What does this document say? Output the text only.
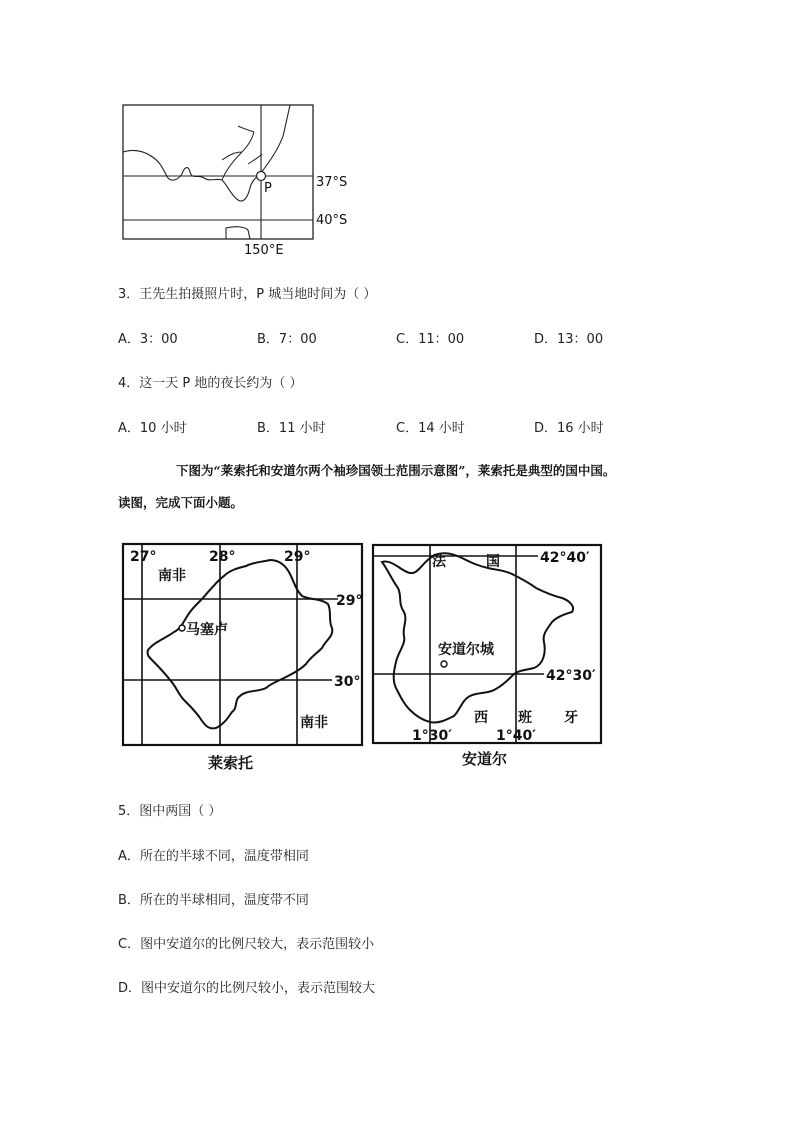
P	37°S
40°S
150°E
3．王先生拍摄照片时，P 城当地时间为（ ）
A．3：00	B．7：00	C．11：00	D．13：00
4．这一天 P 地的夜长约为（ ）
A．10 小时	B．11 小时	C．14 小时	D．16 小时
下图为“莱索托和安道尔两个袖珍国领土范围示意图”，莱索托是典型的国中国。
读图，完成下面小题。
27°	28°	29°
29°
30°
南非
南非
马塞卢
莱索托
法	国	42°40′
42°30′
安道尔城
西 班 牙
1°30′	1°40′
安道尔
5．图中两国（ ）
A．所在的半球不同，温度带相同
B．所在的半球相同，温度带不同
C．图中安道尔的比例尺较大，表示范围较小
D．图中安道尔的比例尺较小，表示范围较大
